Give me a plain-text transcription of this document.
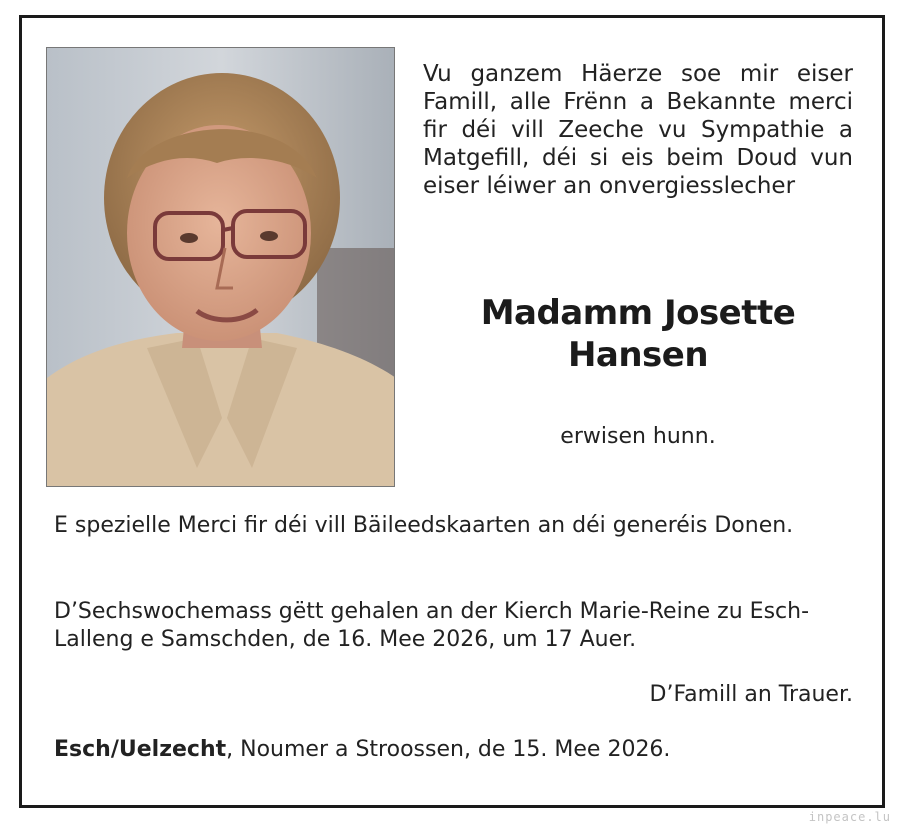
Vu ganzem Häerze soe mir eiser Famill, alle Frënn a Bekannte merci fir déi vill Zeeche vu Sympathie a Matgefill, déi si eis beim Doud vun eiser léiwer an onvergiesslecher
Madamm Josette
Hansen
erwisen hunn.
E spezielle Merci fir déi vill Bäileedskaarten an déi generéis Donen.
D’Sechswochemass gëtt gehalen an der Kierch Marie-Reine zu Esch-Lalleng e Samschden, de 16. Mee 2026, um 17 Auer.
D’Famill an Trauer.
Esch/Uelzecht, Noumer a Stroossen, de 15. Mee 2026.
inpeace.lu
